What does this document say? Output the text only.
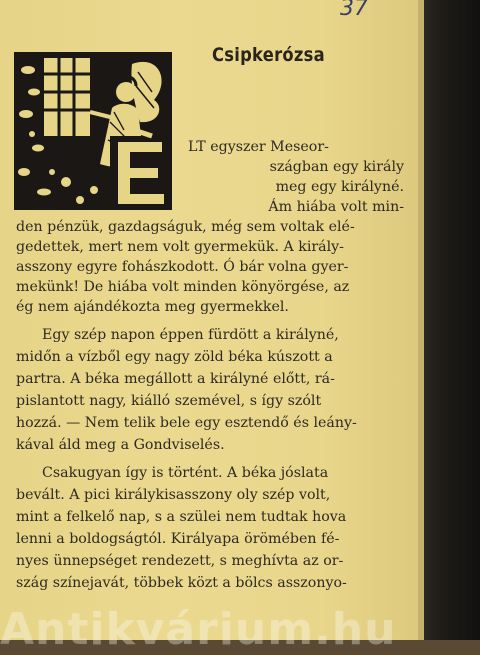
37
Csipkerózsa
LT egyszer Meseor-
szágban egy király
meg egy királyné.
Ám hiába volt min-
den pénzük, gazdagságuk, még sem voltak elé-
gedettek, mert nem volt gyermekük. A király-
asszony egyre fohászkodott. Ó bár volna gyer-
mekünk! De hiába volt minden könyörgése, az
ég nem ajándékozta meg gyermekkel.
Egy szép napon éppen fürdött a királyné,
midőn a vízből egy nagy zöld béka kúszott a
partra. A béka megállott a királyné előtt, rá-
pislantott nagy, kiálló szemével, s így szólt
hozzá. — Nem telik bele egy esztendő és leány-
kával áld meg a Gondviselés.
Csakugyan így is történt. A béka jóslata
bevált. A pici királykisasszony oly szép volt,
mint a felkelő nap, s a szülei nem tudtak hova
lenni a boldogságtól. Királyapa örömében fé-
nyes ünnepséget rendezett, s meghívta az or-
szág színejavát, többek közt a bölcs asszonyo-
Antikvárium.hu
